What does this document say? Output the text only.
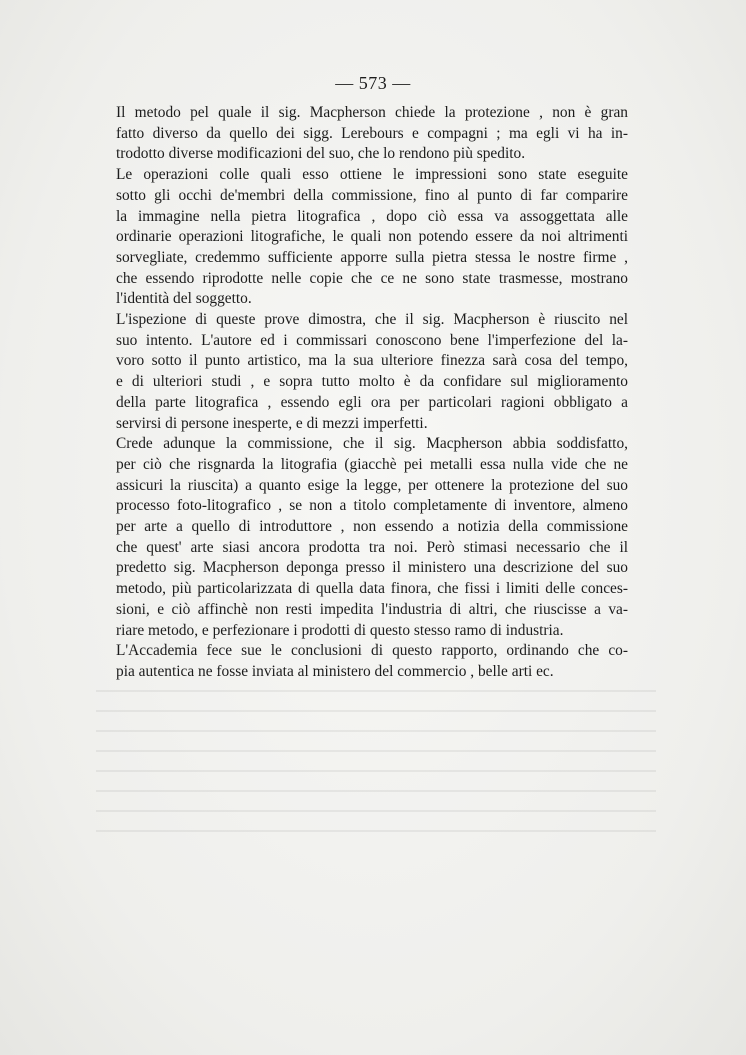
— 573 —

Il metodo pel quale il sig. Macpherson chiede la protezione , non è gran
fatto diverso da quello dei sigg. Lerebours e compagni ; ma egli vi ha in-
trodotto diverse modificazioni del suo, che lo rendono più spedito.

Le operazioni colle quali esso ottiene le impressioni sono state eseguite
sotto gli occhi de'membri della commissione, fino al punto di far comparire
la immagine nella pietra litografica , dopo ciò essa va assoggettata alle
ordinarie operazioni litografiche, le quali non potendo essere da noi altrimenti
sorvegliate, credemmo sufficiente apporre sulla pietra stessa le nostre firme ,
che essendo riprodotte nelle copie che ce ne sono state trasmesse, mostrano
l'identità del soggetto.

L'ispezione di queste prove dimostra, che il sig. Macpherson è riuscito nel
suo intento. L'autore ed i commissari conoscono bene l'imperfezione del la-
voro sotto il punto artistico, ma la sua ulteriore finezza sarà cosa del tempo,
e di ulteriori studi , e sopra tutto molto è da confidare sul miglioramento
della parte litografica , essendo egli ora per particolari ragioni obbligato a
servirsi di persone inesperte, e di mezzi imperfetti.

Crede adunque la commissione, che il sig. Macpherson abbia soddisfatto,
per ciò che risgnarda la litografia (giacchè pei metalli essa nulla vide che ne
assicuri la riuscita) a quanto esige la legge, per ottenere la protezione del suo
processo foto-litografico , se non a titolo completamente di inventore, almeno
per arte a quello di introduttore , non essendo a notizia della commissione
che quest' arte siasi ancora prodotta tra noi. Però stimasi necessario che il
predetto sig. Macpherson deponga presso il ministero una descrizione del suo
metodo, più particolarizzata di quella data finora, che fissi i limiti delle conces-
sioni, e ciò affinchè non resti impedita l'industria di altri, che riuscisse a va-
riare metodo, e perfezionare i prodotti di questo stesso ramo di industria.

L'Accademia fece sue le conclusioni di questo rapporto, ordinando che co-
pia autentica ne fosse inviata al ministero del commercio , belle arti ec.
